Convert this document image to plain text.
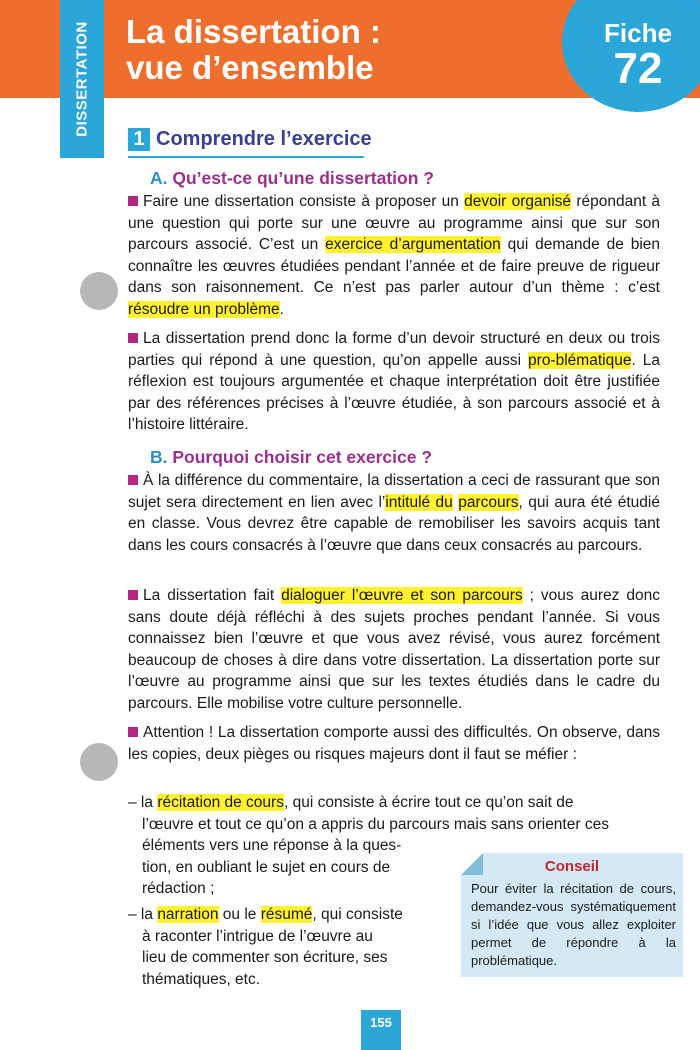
DISSERTATION La dissertation :
vue d’ensemble
Fiche
72
1 Comprendre l’exercice
A. Qu’est-ce qu’une dissertation ?
Faire une dissertation consiste à proposer un devoir organisé répondant à une question qui porte sur une œuvre au programme ainsi que sur son parcours associé. C’est un exercice d’argumentation qui demande de bien connaître les œuvres étudiées pendant l’année et de faire preuve de rigueur dans son raisonnement. Ce n’est pas parler autour d’un thème : c’est résoudre un problème.
La dissertation prend donc la forme d’un devoir structuré en deux ou trois parties qui répond à une question, qu’on appelle aussi pro-blématique. La réflexion est toujours argumentée et chaque interprétation doit être justifiée par des références précises à l’œuvre étudiée, à son parcours associé et à l’histoire littéraire.
B. Pourquoi choisir cet exercice ?
À la différence du commentaire, la dissertation a ceci de rassurant que son sujet sera directement en lien avec l’intitulé du parcours, qui aura été étudié en classe. Vous devrez être capable de remobiliser les savoirs acquis tant dans les cours consacrés à l’œuvre que dans ceux consacrés au parcours.
La dissertation fait dialoguer l’œuvre et son parcours ; vous aurez donc sans doute déjà réfléchi à des sujets proches pendant l’année. Si vous connaissez bien l’œuvre et que vous avez révisé, vous aurez forcément beaucoup de choses à dire dans votre dissertation. La dissertation porte sur l’œuvre au programme ainsi que sur les textes étudiés dans le cadre du parcours. Elle mobilise votre culture personnelle.
Attention ! La dissertation comporte aussi des difficultés. On observe, dans les copies, deux pièges ou risques majeurs dont il faut se méfier :
– la récitation de cours, qui consiste à écrire tout ce qu’on sait de
l’œuvre et tout ce qu’on a appris du parcours mais sans orienter ces
éléments vers une réponse à la ques-
tion, en oubliant le sujet en cours de
rédaction ;
– la narration ou le résumé, qui consiste
à raconter l’intrigue de l’œuvre au
lieu de commenter son écriture, ses
thématiques, etc.
Conseil
Pour éviter la récitation de cours, demandez-vous systématiquement si l’idée que vous allez exploiter permet de répondre à la problématique.
155
